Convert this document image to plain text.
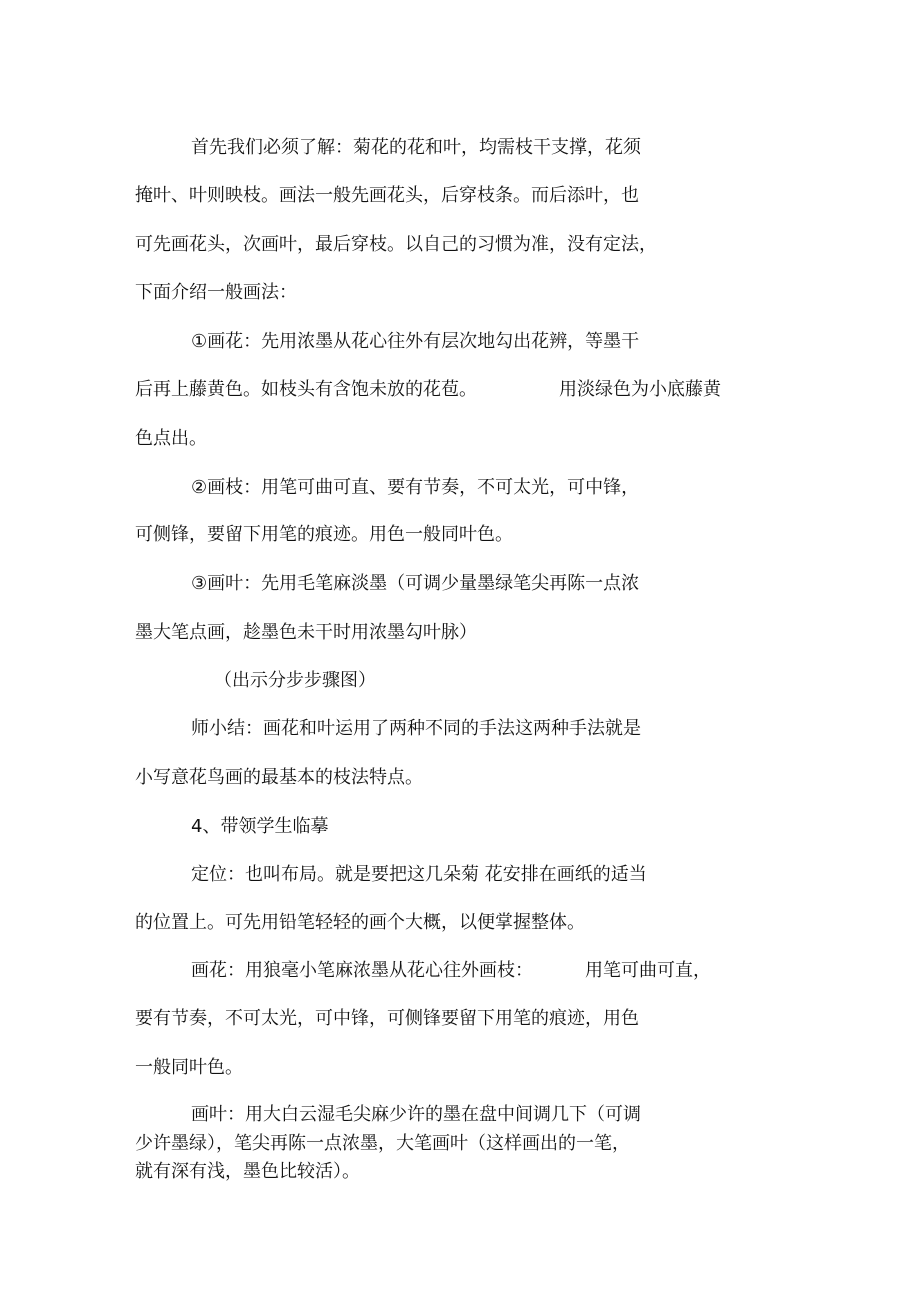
首先我们必须了解：菊花的花和叶，均需枝干支撑，花须
掩叶、叶则映枝。画法一般先画花头，后穿枝条。而后添叶，也
可先画花头，次画叶，最后穿枝。以自己的习惯为准，没有定法，
下面介绍一般画法：
①画花：先用浓墨从花心往外有层次地勾出花辨，等墨干
后再上藤黄色。如枝头有含饱未放的花苞。	用淡绿色为小底藤黄
色点出。
②画枝：用笔可曲可直、要有节奏，不可太光，可中锋，
可侧锋，要留下用笔的痕迹。用色一般同叶色。
③画叶：先用毛笔麻淡墨（可调少量墨绿笔尖再陈一点浓
墨大笔点画，趁墨色未干时用浓墨勾叶脉）
（出示分步步骤图）
师小结：画花和叶运用了两种不同的手法这两种手法就是
小写意花鸟画的最基本的枝法特点。
4、带领学生临摹
定位：也叫布局。就是要把这几朵菊 花安排在画纸的适当
的位置上。可先用铅笔轻轻的画个大概，以便掌握整体。
画花：用狼毫小笔麻浓墨从花心往外画枝：	用笔可曲可直，
要有节奏，不可太光，可中锋，可侧锋要留下用笔的痕迹，用色
一般同叶色。
画叶：用大白云湿毛尖麻少许的墨在盘中间调几下（可调
少许墨绿），笔尖再陈一点浓墨，大笔画叶（这样画出的一笔，
就有深有浅，墨色比较活）。
